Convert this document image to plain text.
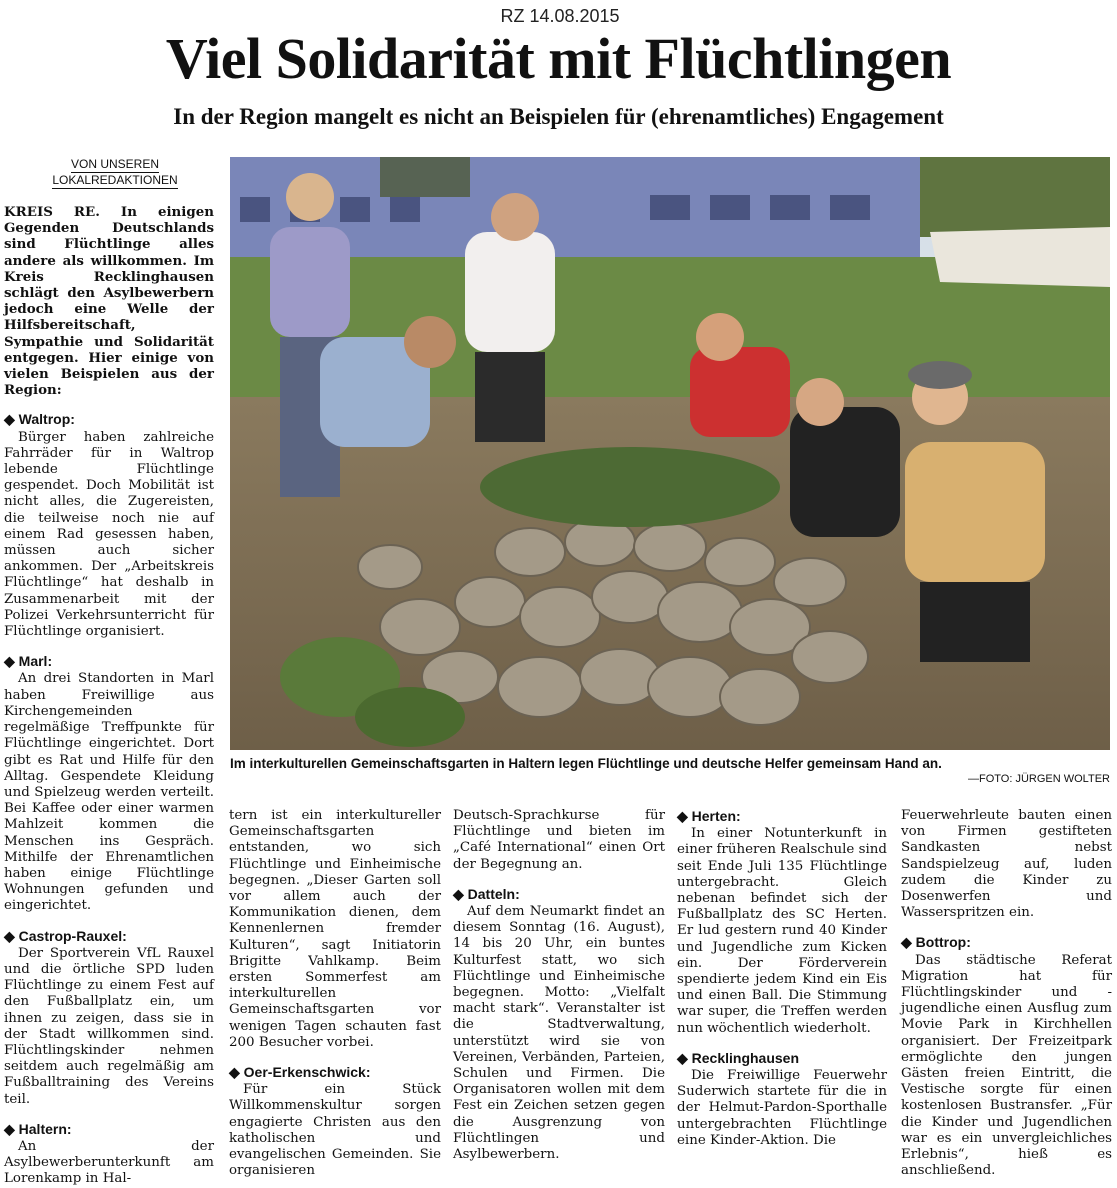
RZ 14.08.2015
Viel Solidarität mit Flüchtlingen
In der Region mangelt es nicht an Beispielen für (ehrenamtliches) Engagement
VON UNSEREN
LOKALREDAKTIONEN

KREIS RE. In einigen Gegenden Deutschlands sind Flüchtlinge alles andere als willkommen. Im Kreis Recklinghausen schlägt den Asylbewerbern jedoch eine Welle der Hilfsbereitschaft, Sympathie und Solidarität entgegen. Hier einige von vielen Beispielen aus der Region:

◆ Waltrop:

Bürger haben zahlreiche Fahrräder für in Waltrop lebende Flüchtlinge gespendet. Doch Mobilität ist nicht alles, die Zugereisten, die teilweise noch nie auf einem Rad gesessen haben, müssen auch sicher ankommen. Der „Arbeitskreis Flüchtlinge“ hat deshalb in Zusammenarbeit mit der Polizei Verkehrsunterricht für Flüchtlinge organisiert.

◆ Marl:

An drei Standorten in Marl haben Freiwillige aus Kirchengemeinden regelmäßige Treffpunkte für Flüchtlinge eingerichtet. Dort gibt es Rat und Hilfe für den Alltag. Gespendete Kleidung und Spielzeug werden verteilt. Bei Kaffee oder einer warmen Mahlzeit kommen die Menschen ins Gespräch. Mithilfe der Ehrenamtlichen haben einige Flüchtlinge Wohnungen gefunden und eingerichtet.

◆ Castrop-Rauxel:

Der Sportverein VfL Rauxel und die örtliche SPD luden Flüchtlinge zu einem Fest auf den Fußballplatz ein, um ihnen zu zeigen, dass sie in der Stadt willkommen sind. Flüchtlingskinder nehmen seitdem auch regelmäßig am Fußballtraining des Vereins teil.

◆ Haltern:

An der Asylbewerberunterkunft am Lorenkamp in Hal-

Im interkulturellen Gemeinschaftsgarten in Haltern legen Flüchtlinge und deutsche Helfer gemeinsam Hand an.
—FOTO: JÜRGEN WOLTER

tern ist ein interkultureller Gemeinschaftsgarten entstanden, wo sich Flüchtlinge und Einheimische begegnen. „Dieser Garten soll vor allem auch der Kommunikation dienen, dem Kennenlernen fremder Kulturen“, sagt Initiatorin Brigitte Vahlkamp. Beim ersten Sommerfest am interkulturellen Gemeinschaftsgarten vor wenigen Tagen schauten fast 200 Besucher vorbei.

◆ Oer-Erkenschwick:

Für ein Stück Willkommenskultur sorgen engagierte Christen aus den katholischen und evangelischen Gemeinden. Sie organisieren

Deutsch-Sprachkurse für Flüchtlinge und bieten im „Café International“ einen Ort der Begegnung an.

◆ Datteln:

Auf dem Neumarkt findet an diesem Sonntag (16. August), 14 bis 20 Uhr, ein buntes Kulturfest statt, wo sich Flüchtlinge und Einheimische begegnen. Motto: „Vielfalt macht stark“. Veranstalter ist die Stadtverwaltung, unterstützt wird sie von Vereinen, Verbänden, Parteien, Schulen und Firmen. Die Organisatoren wollen mit dem Fest ein Zeichen setzen gegen die Ausgrenzung von Flüchtlingen und Asylbewerbern.

◆ Herten:

In einer Notunterkunft in einer früheren Realschule sind seit Ende Juli 135 Flüchtlinge untergebracht. Gleich nebenan befindet sich der Fußballplatz des SC Herten. Er lud gestern rund 40 Kinder und Jugendliche zum Kicken ein. Der Förderverein spendierte jedem Kind ein Eis und einen Ball. Die Stimmung war super, die Treffen werden nun wöchentlich wiederholt.

◆ Recklinghausen

Die Freiwillige Feuerwehr Suderwich startete für die in der Helmut-Pardon-Sporthalle untergebrachten Flüchtlinge eine Kinder-Aktion. Die

Feuerwehrleute bauten einen von Firmen gestifteten Sandkasten nebst Sandspielzeug auf, luden zudem die Kinder zu Dosenwerfen und Wasserspritzen ein.

◆ Bottrop:

Das städtische Referat Migration hat für Flüchtlingskinder und -jugendliche einen Ausflug zum Movie Park in Kirchhellen organisiert. Der Freizeitpark ermöglichte den jungen Gästen freien Eintritt, die Vestische sorgte für einen kostenlosen Bustransfer. „Für die Kinder und Jugendlichen war es ein unvergleichliches Erlebnis“, hieß es anschließend.
